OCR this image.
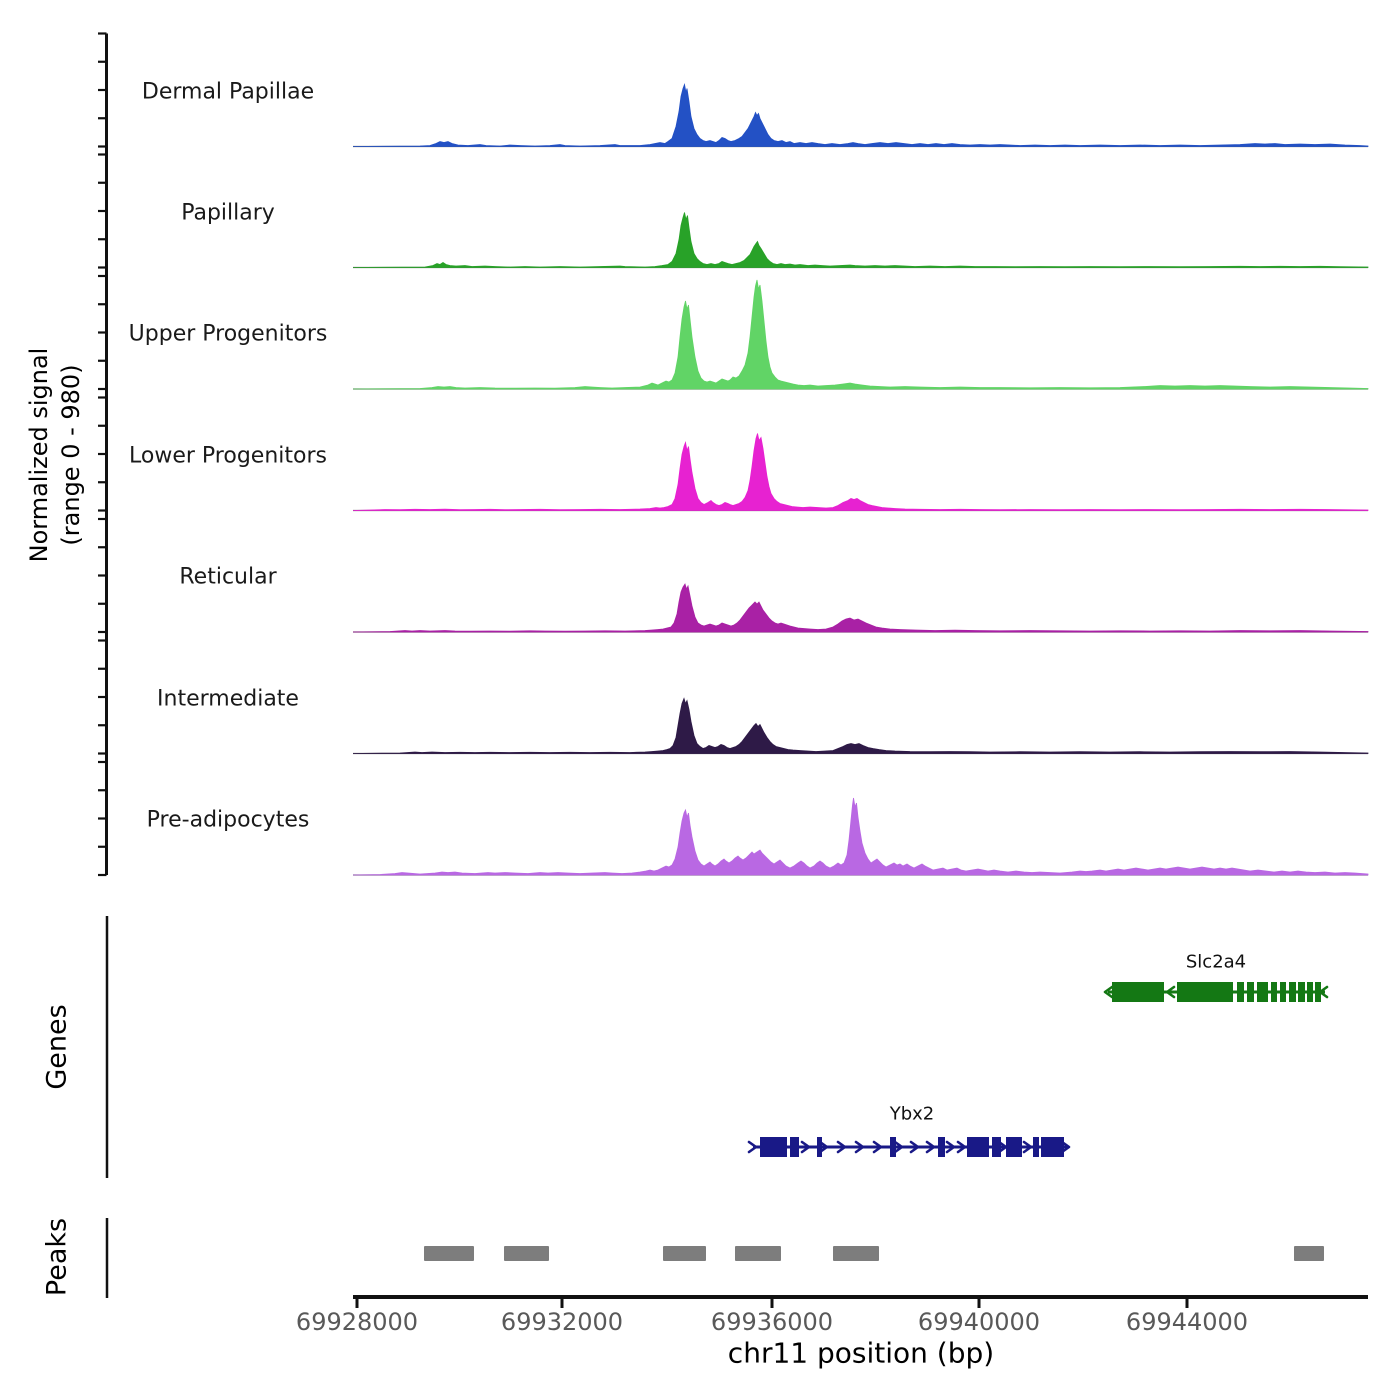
Normalized signal (range 0 - 980)
Genes
Peaks
chr11 position (bp)
Dermal Papillae
Papillary
Upper Progenitors
Lower Progenitors
Reticular
Intermediate
Pre-adipocytes
69928000	69932000	69936000	69940000	69944000
Slc2a4
Ybx2
